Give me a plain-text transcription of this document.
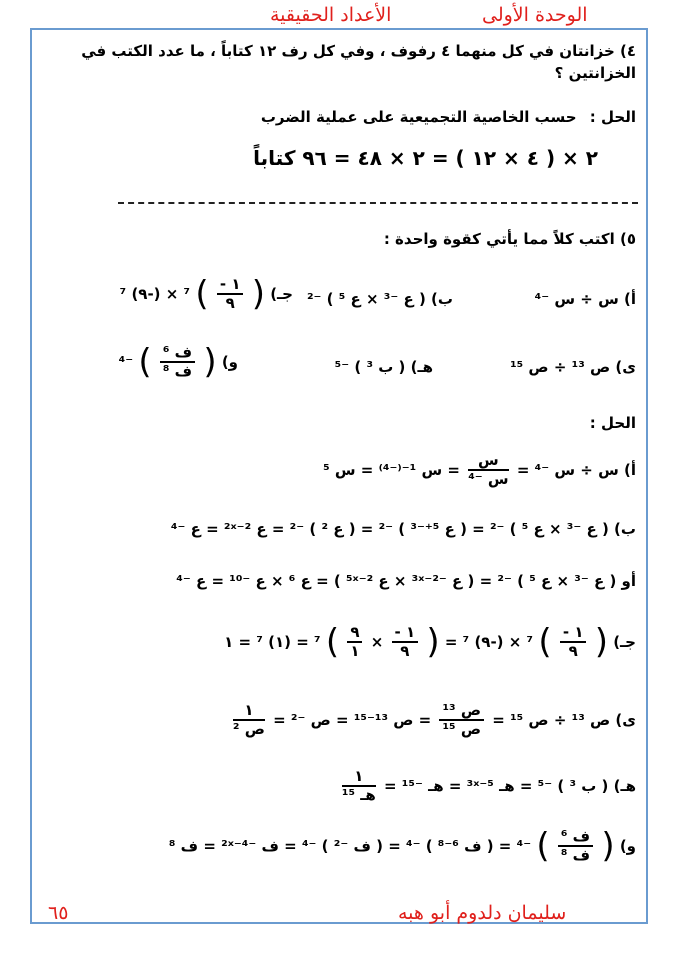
الوحدة الأولى
الأعداد الحقيقية
٤) خزانتان في كل منهما ٤ رفوف ، وفي كل رف ١٢ كتاباً ، ما عدد الكتب في
الخزانتين ؟
الحل : حسب الخاصية التجميعية على عملية الضرب
٢ × ( ٤ × ١٢ ) = ٢ × ٤٨ = ٩٦ كتاباً
٥) اكتب كلاً مما يأتي كقوة واحدة :
أ) س ÷ س ⁻⁴
ب) ( ع ⁻³ × ع ⁵ ) ⁻²
جـ) (
$\frac{١ -}{٩}$
) ⁷ × (-٩) ⁷
ى) ص ¹³ ÷ ص ¹⁵
هـ) ( ب ³ ) ⁻⁵
و) (
$\frac{\text{ف ⁶}}{\text{ف ⁸}}$
) ⁻⁴
الحل :
أ) س ÷ س ⁻⁴ =
$\frac{\text{س}}{\text{س ⁻⁴}}$
= س ¹⁻⁽⁻⁴⁾ = س ⁵
ب) ( ع ⁻³ × ع ⁵ ) ⁻² = ( ع ⁵⁺⁻³ ) ⁻² = ( ع ² ) ⁻² = ع ²ˣ⁻² = ع ⁻⁴
أو ( ع ⁻³ × ع ⁵ ) ⁻² = ( ع ⁻³ˣ⁻² × ع ⁵ˣ⁻² ) = ع ⁶ × ع ⁻¹⁰ = ع ⁻⁴
جـ) (
$\frac{١ -}{٩}$
) ⁷ × (-٩) ⁷ = (
$\frac{١ -}{٩}$
×
$\frac{٩}{١}$
) ⁷ = (١) ⁷ = ١
ى) ص ¹³ ÷ ص ¹⁵ =
$\frac{\text{ص ¹³}}{\text{ص ¹⁵}}$
= ص ¹³⁻¹⁵ = ص ⁻² =
$\frac{١}{\text{ص ²}}$
هـ) ( ب ³ ) ⁻⁵ = هـ ³ˣ⁻⁵ = هـ ⁻¹⁵ =
$\frac{١}{\text{هـ ¹⁵}}$
و) (
$\frac{\text{ف ⁶}}{\text{ف ⁸}}$
) ⁻⁴ = ( ف ⁶⁻⁸ ) ⁻⁴ = ( ف ⁻² ) ⁻⁴ = ف ⁻²ˣ⁻⁴ = ف ⁸
٦٥	سليمان دلدوم أبو هبه
